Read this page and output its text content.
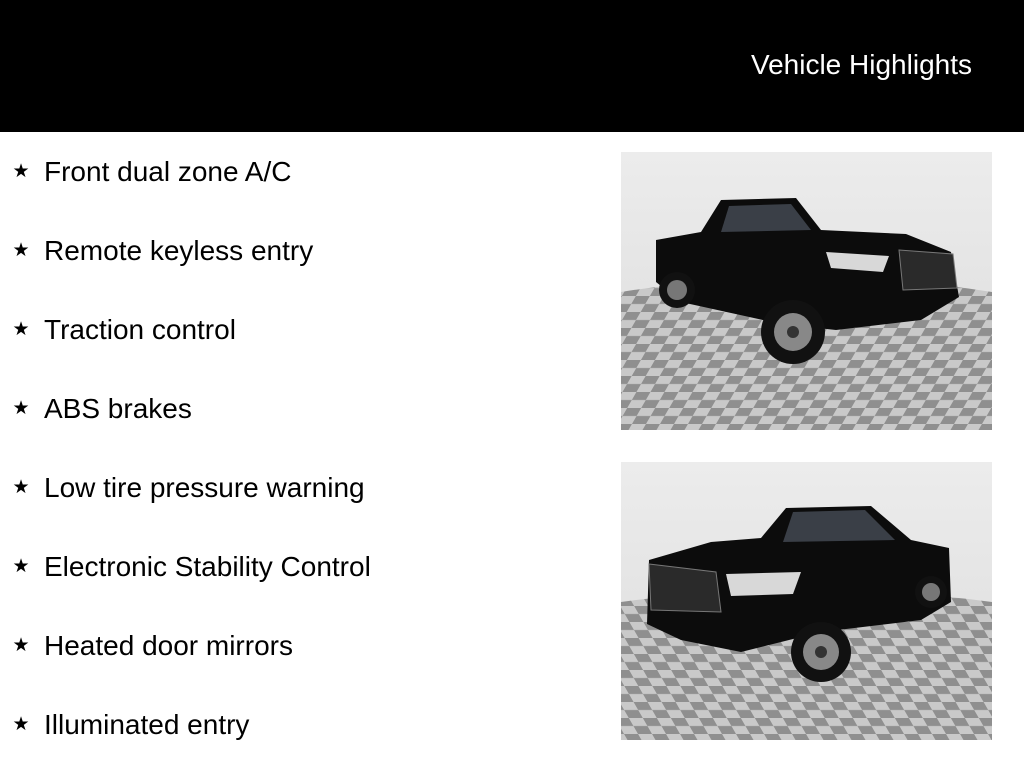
Vehicle Highlights
★ Front dual zone A/C
★ Remote keyless entry
★ Traction control
★ ABS brakes
★ Low tire pressure warning
★ Electronic Stability Control
★ Heated door mirrors
★ Illuminated entry
